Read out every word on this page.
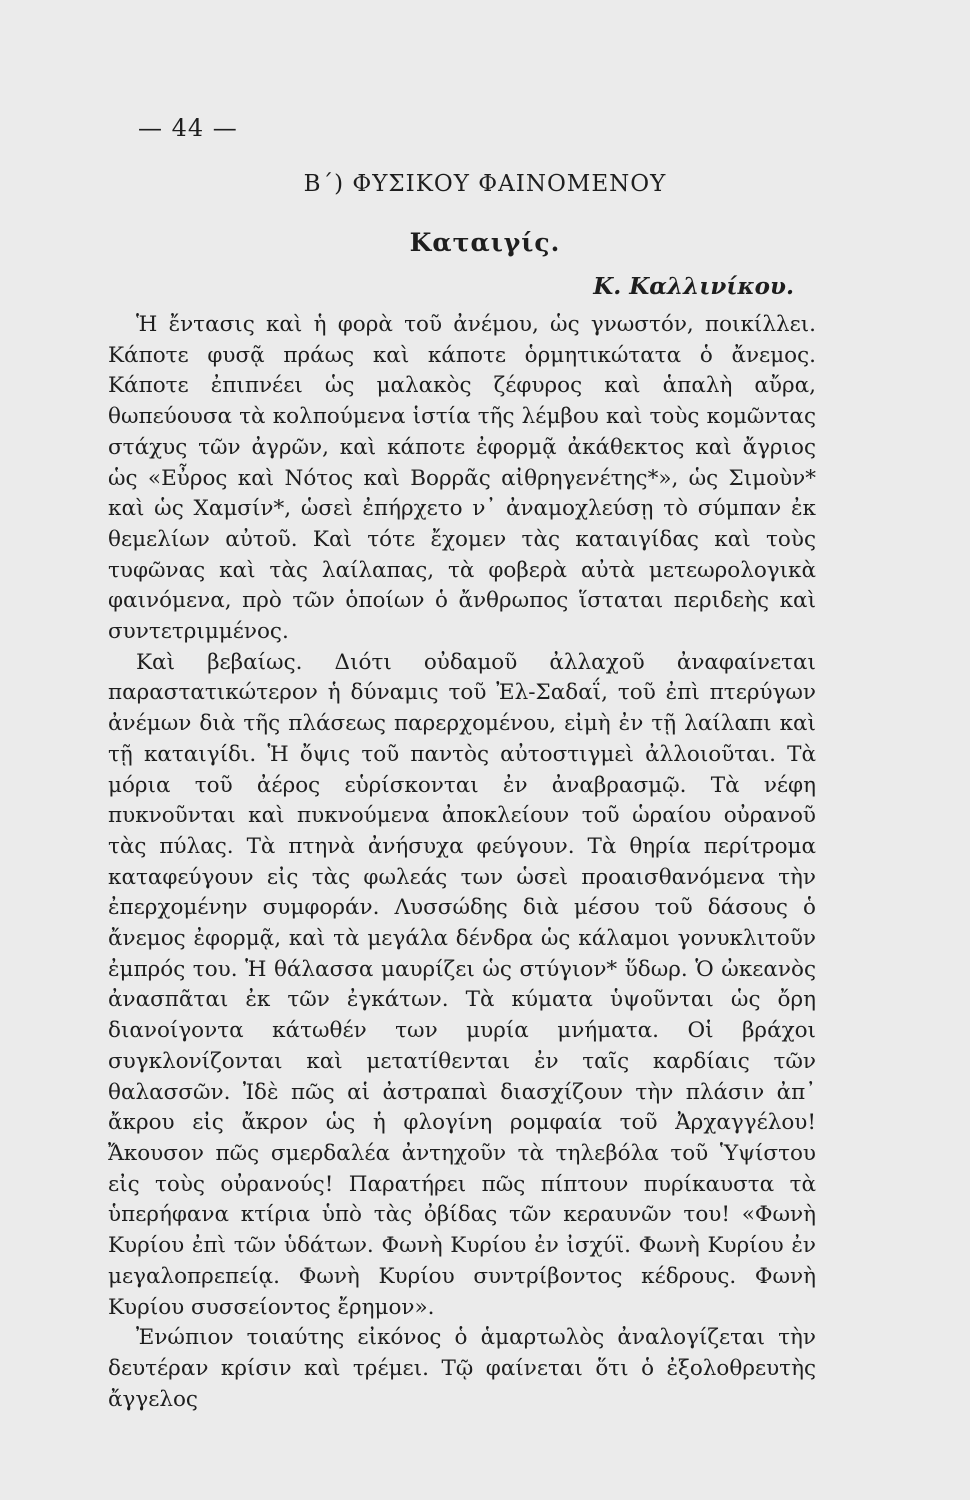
— 44 —
Β΄) ΦΥΣΙΚΟΥ ΦΑΙΝΟΜΕΝΟΥ
Καταιγίς.
Κ. Καλλινίκου.

Ἡ ἔντασις καὶ ἡ φορὰ τοῦ ἀνέμου, ὡς γνωστόν, ποικίλλει. Κάποτε φυσᾷ πράως καὶ κάποτε ὁρμητικώτατα ὁ ἄνεμος. Κάποτε ἐπιπνέει ὡς μαλακὸς ζέφυρος καὶ ἁπαλὴ αὔρα, θωπεύουσα τὰ κολπούμενα ἱστία τῆς λέμβου καὶ τοὺς κομῶντας στάχυς τῶν ἀγρῶν, καὶ κάποτε ἐφορμᾷ ἀκάθεκτος καὶ ἄγριος ὡς «Εὖρος καὶ Νότος καὶ Βορρᾶς αἰθρηγενέτης*», ὡς Σιμοὺν* καὶ ὡς Χαμσίν*, ὡσεὶ ἐπήρχετο ν᾿ ἀναμοχλεύσῃ τὸ σύμπαν ἐκ θεμελίων αὐτοῦ. Καὶ τότε ἔχομεν τὰς καταιγίδας καὶ τοὺς τυφῶνας καὶ τὰς λαίλαπας, τὰ φοβερὰ αὐτὰ μετεωρολογικὰ φαινόμενα, πρὸ τῶν ὁποίων ὁ ἄνθρωπος ἵσταται περιδεὴς καὶ συντετριμμένος.

Καὶ βεβαίως. Διότι οὐδαμοῦ ἀλλαχοῦ ἀναφαίνεται παραστατικώτερον ἡ δύναμις τοῦ Ἐλ-Σαδαΐ, τοῦ ἐπὶ πτερύγων ἀνέμων διὰ τῆς πλάσεως παρερχομένου, εἰμὴ ἐν τῇ λαίλαπι καὶ τῇ καταιγίδι. Ἡ ὄψις τοῦ παντὸς αὐτοστιγμεὶ ἀλλοιοῦται. Τὰ μόρια τοῦ ἀέρος εὑρίσκονται ἐν ἀναβρασμῷ. Τὰ νέφη πυκνοῦνται καὶ πυκνούμενα ἀποκλείουν τοῦ ὡραίου οὐρανοῦ τὰς πύλας. Τὰ πτηνὰ ἀνήσυχα φεύγουν. Τὰ θηρία περίτρομα καταφεύγουν εἰς τὰς φωλεάς των ὡσεὶ προαισθανόμενα τὴν ἐπερχομένην συμφοράν. Λυσσώδης διὰ μέσου τοῦ δάσους ὁ ἄνεμος ἐφορμᾷ, καὶ τὰ μεγάλα δένδρα ὡς κάλαμοι γονυκλιτοῦν ἐμπρός του. Ἡ θάλασσα μαυρίζει ὡς στύγιον* ὕδωρ. Ὁ ὠκεανὸς ἀνασπᾶται ἐκ τῶν ἐγκάτων. Τὰ κύματα ὑψοῦνται ὡς ὄρη διανοίγοντα κάτωθέν των μυρία μνήματα. Οἱ βράχοι συγκλονίζονται καὶ μετατίθενται ἐν ταῖς καρδίαις τῶν θαλασσῶν. Ἰδὲ πῶς αἱ ἀστραπαὶ διασχίζουν τὴν πλάσιν ἀπ᾿ ἄκρου εἰς ἄκρον ὡς ἡ φλογίνη ρομφαία τοῦ Ἀρχαγγέλου! Ἄκουσον πῶς σμερδαλέα ἀντηχοῦν τὰ τηλεβόλα τοῦ Ὑψίστου εἰς τοὺς οὐρανούς! Παρατήρει πῶς πίπτουν πυρίκαυστα τὰ ὑπερήφανα κτίρια ὑπὸ τὰς ὀβίδας τῶν κεραυνῶν του! «Φωνὴ Κυρίου ἐπὶ τῶν ὑδάτων. Φωνὴ Κυρίου ἐν ἰσχύϊ. Φωνὴ Κυρίου ἐν μεγαλοπρεπείᾳ. Φωνὴ Κυρίου συντρίβοντος κέδρους. Φωνὴ Κυρίου συσσείοντος ἔρημον».

Ἐνώπιον τοιαύτης εἰκόνος ὁ ἁμαρτωλὸς ἀναλογίζεται τὴν δευτέραν κρίσιν καὶ τρέμει. Τῷ φαίνεται ὅτι ὁ ἐξολοθρευτὴς ἄγγελος
